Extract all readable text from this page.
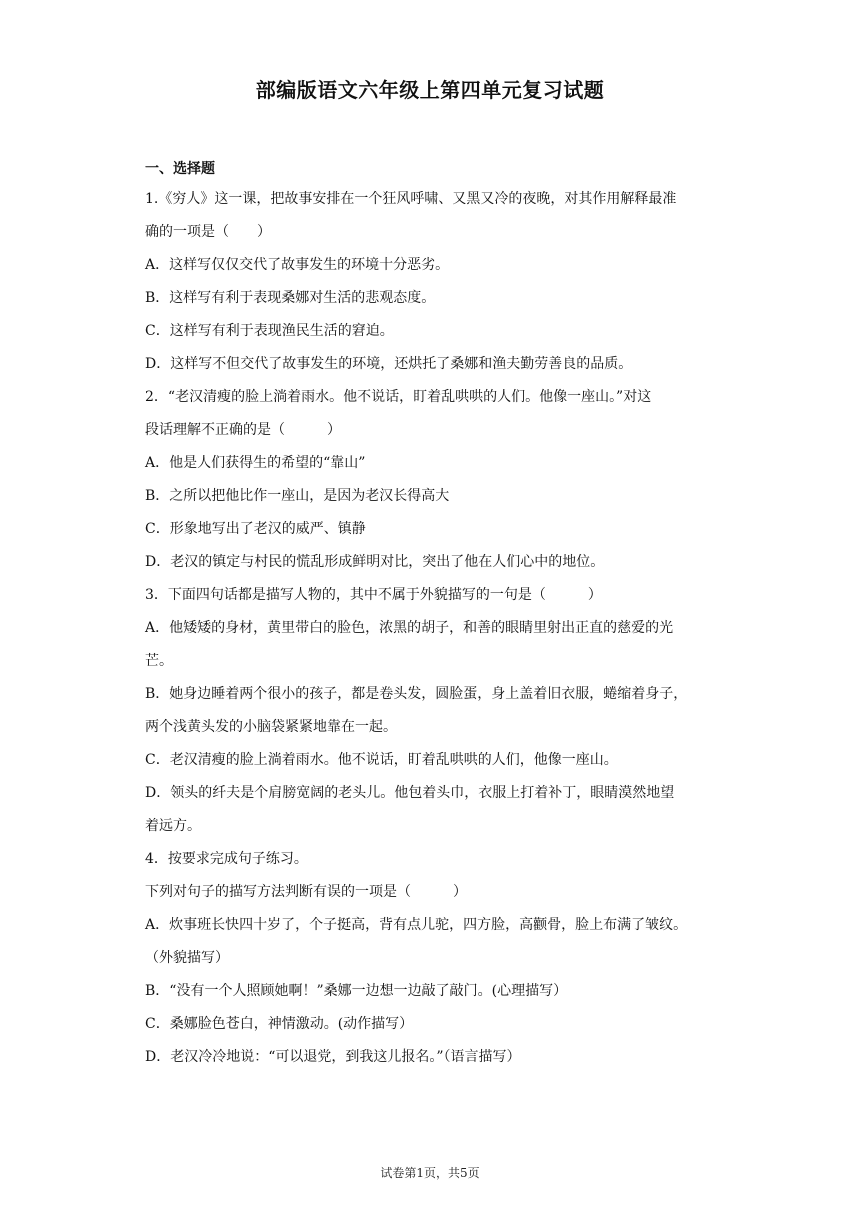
部编版语文六年级上第四单元复习试题
一、选择题
1.《穷人》这一课，把故事安排在一个狂风呼啸、又黑又冷的夜晚，对其作用解释最准
确的一项是（　　）
A．这样写仅仅交代了故事发生的环境十分恶劣。
B．这样写有利于表现桑娜对生活的悲观态度。
C．这样写有利于表现渔民生活的窘迫。
D．这样写不但交代了故事发生的环境，还烘托了桑娜和渔夫勤劳善良的品质。
2．“老汉清瘦的脸上淌着雨水。他不说话，盯着乱哄哄的人们。他像一座山。”对这
段话理解不正确的是（　　　）
A．他是人们获得生的希望的“靠山”
B．之所以把他比作一座山，是因为老汉长得高大
C．形象地写出了老汉的威严、镇静
D．老汉的镇定与村民的慌乱形成鲜明对比，突出了他在人们心中的地位。
3．下面四句话都是描写人物的，其中不属于外貌描写的一句是（　　　）
A．他矮矮的身材，黄里带白的脸色，浓黑的胡子，和善的眼睛里射出正直的慈爱的光
芒。
B．她身边睡着两个很小的孩子，都是卷头发，圆脸蛋，身上盖着旧衣服，蜷缩着身子，
两个浅黄头发的小脑袋紧紧地靠在一起。
C．老汉清瘦的脸上淌着雨水。他不说话，盯着乱哄哄的人们，他像一座山。
D．领头的纤夫是个肩膀宽阔的老头儿。他包着头巾，衣服上打着补丁，眼睛漠然地望
着远方。
4．按要求完成句子练习。
下列对句子的描写方法判断有误的一项是（　　　）
A．炊事班长快四十岁了，个子挺高，背有点儿驼，四方脸，高颧骨，脸上布满了皱纹。
（外貌描写）
B．“没有一个人照顾她啊！”桑娜一边想一边敲了敲门。(心理描写）
C．桑娜脸色苍白，神情激动。(动作描写）
D．老汉冷冷地说：“可以退党，到我这儿报名。”（语言描写）
试卷第1页，共5页
